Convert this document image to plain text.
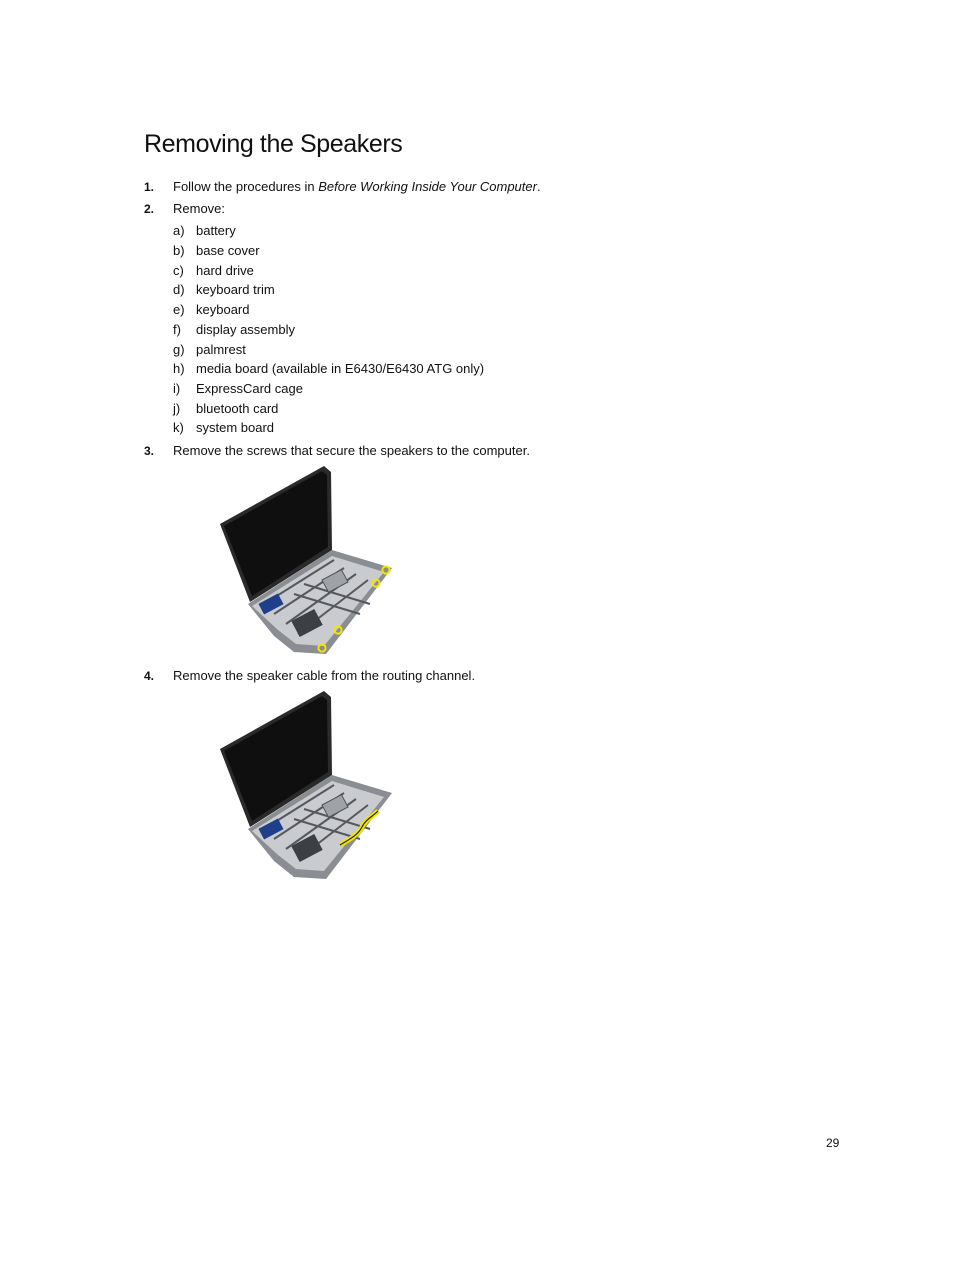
Removing the Speakers
1. Follow the procedures in Before Working Inside Your Computer.
2. Remove:
a) battery
b) base cover
c) hard drive
d) keyboard trim
e) keyboard
f) display assembly
g) palmrest
h) media board (available in E6430/E6430 ATG only)
i) ExpressCard cage
j) bluetooth card
k) system board
3. Remove the screws that secure the speakers to the computer.
4. Remove the speaker cable from the routing channel.
29
